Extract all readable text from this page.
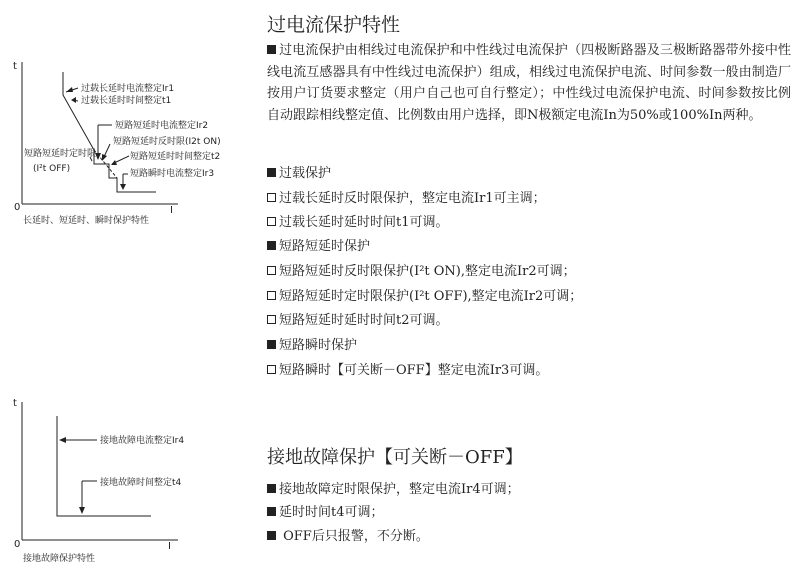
t
I
0
过载长延时电流整定Ir1
过载长延时时间整定t1
短路短延时电流整定Ir2
短路短延时反时限(I2t ON)
短路短延时时间整定t2
短路瞬时电流整定Ir3
短路短延时定时限
(I²t OFF)
长延时、短延时、瞬时保护特性
t
I
0
接地故障电流整定Ir4
接地故障时间整定t4
接地故障保护特性
过电流保护特性

过电流保护由相线过电流保护和中性线过电流保护（四极断路器及三极断路器带外接中性线电流互感器具有中性线过电流保护）组成，相线过电流保护电流、时间参数一般由制造厂按用户订货要求整定（用户自己也可自行整定）；中性线过电流保护电流、时间参数按比例自动跟踪相线整定值、比例数由用户选择，即N极额定电流In为50%或100%In两种。

过载保护

过载长延时反时限保护，整定电流Ir1可主调；

过载长延时延时时间t1可调。

短路短延时保护

短路短延时反时限保护(I²t ON),整定电流Ir2可调；

短路短延时定时限保护(I²t OFF),整定电流Ir2可调；

短路短延时延时时间t2可调。

短路瞬时保护

短路瞬时【可关断－OFF】整定电流Ir3可调。

接地故障保护【可关断－OFF】

接地故障定时限保护，整定电流Ir4可调；

延时时间t4可调；

OFF后只报警，不分断。
